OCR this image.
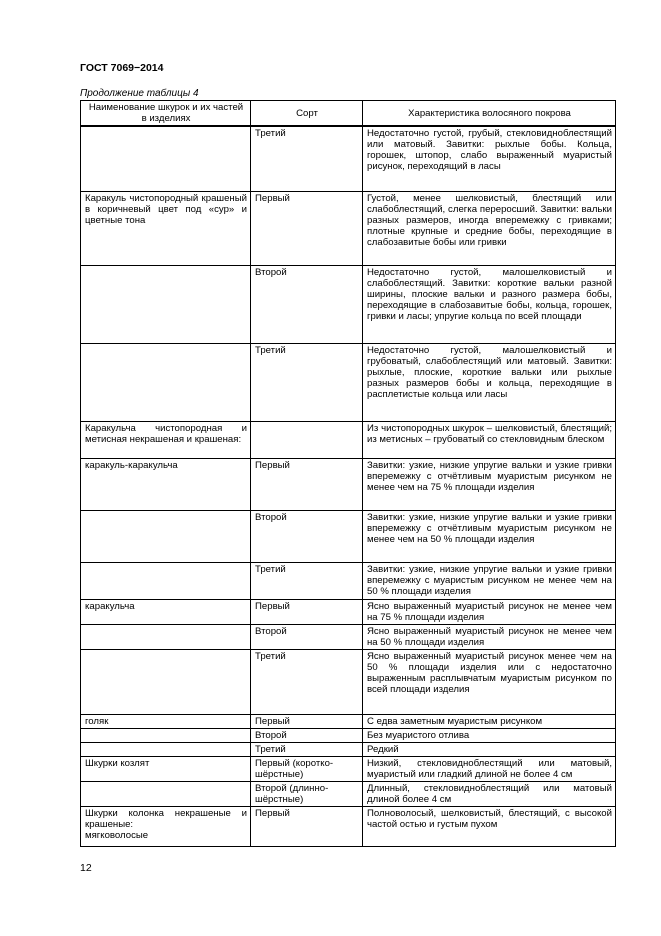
ГОСТ 7069−2014
Продолжение таблицы 4
Наименование шкурок и их частей в изделиях	Сорт	Характеристика волосяного покрова
	Третий	Недостаточно густой, грубый, стекловидноблестящий или матовый. Завитки: рыхлые бобы. Кольца, горошек, штопор, слабо выраженный муаристый рисунок, переходящий в ласы
Каракуль чистопородный крашеный в коричневый цвет под «сур» и цветные тона	Первый	Густой, менее шелковистый, блестящий или слабоблестящий, слегка переросший. Завитки: вальки разных размеров, иногда вперемежку с гривками; плотные крупные и средние бобы, переходящие в слабозавитые бобы или гривки
	Второй	Недостаточно густой, малошелковистый и слабоблестящий. Завитки: короткие вальки разной ширины, плоские вальки и разного размера бобы, переходящие в слабозавитые бобы, кольца, горошек, гривки и ласы; упругие кольца по всей площади
	Третий	Недостаточно густой, малошелковистый и грубоватый, слабоблестящий или матовый. Завитки: рыхлые, плоские, короткие вальки или рыхлые разных размеров бобы и кольца, переходящие в расплетистые кольца или ласы
Каракульча чистопородная и метисная некрашеная и крашеная:		Из чистопородных шкурок – шелковистый, блестящий; из метисных – грубоватый со стекловидным блеском
каракуль-каракульча	Первый	Завитки: узкие, низкие упругие вальки и узкие гривки вперемежку с отчётливым муаристым рисунком не менее чем на 75 % площади изделия
	Второй	Завитки: узкие, низкие упругие вальки и узкие гривки вперемежку с отчётливым муаристым рисунком не менее чем на 50 % площади изделия
	Третий	Завитки: узкие, низкие упругие вальки и узкие гривки вперемежку с муаристым рисунком не менее чем на 50 % площади изделия
каракульча	Первый	Ясно выраженный муаристый рисунок не менее чем на 75 % площади изделия
	Второй	Ясно выраженный муаристый рисунок не менее чем на 50 % площади изделия
	Третий	Ясно выраженный муаристый рисунок менее чем на 50 % площади изделия или с недостаточно выраженным расплывчатым муаристым рисунком по всей площади изделия
голяк	Первый	С едва заметным муаристым рисунком
	Второй	Без муаристого отлива
	Третий	Редкий
Шкурки козлят	Первый (короткошёрстные)	Низкий, стекловидноблестящий или матовый, муаристый или гладкий длиной не более 4 см
	Второй (длинношёрстные)	Длинный, стекловидноблестящий или матовый длиной более 4 см
Шкурки колонка некрашеные и крашеные:
мягковолосые	Первый	Полноволосый, шелковистый, блестящий, с высокой частой остью и густым пухом
12
